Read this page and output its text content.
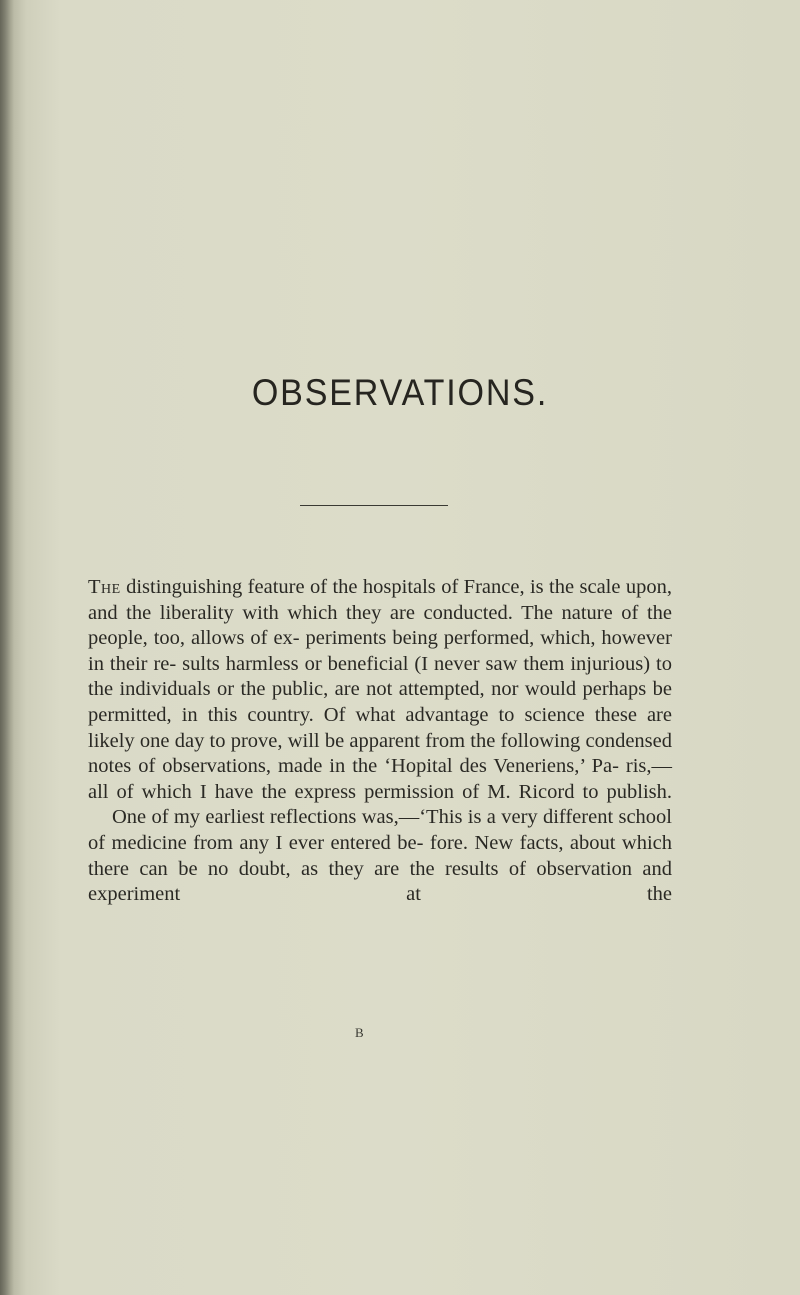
OBSERVATIONS.

The distinguishing feature of the hospitals of France, is the scale upon, and the liberality with which they are conducted. The nature of the people, too, allows of ex- periments being performed, which, however in their re- sults harmless or beneficial (I never saw them injurious) to the individuals or the public, are not attempted, nor would perhaps be permitted, in this country. Of what advantage to science these are likely one day to prove, will be apparent from the following condensed notes of observations, made in the ‘Hopital des Veneriens,’ Pa- ris,—all of which I have the express permission of M. Ricord to publish.

One of my earliest reflections was,—‘This is a very different school of medicine from any I ever entered be- fore. New facts, about which there can be no doubt, as they are the results of observation and experiment at the

B
